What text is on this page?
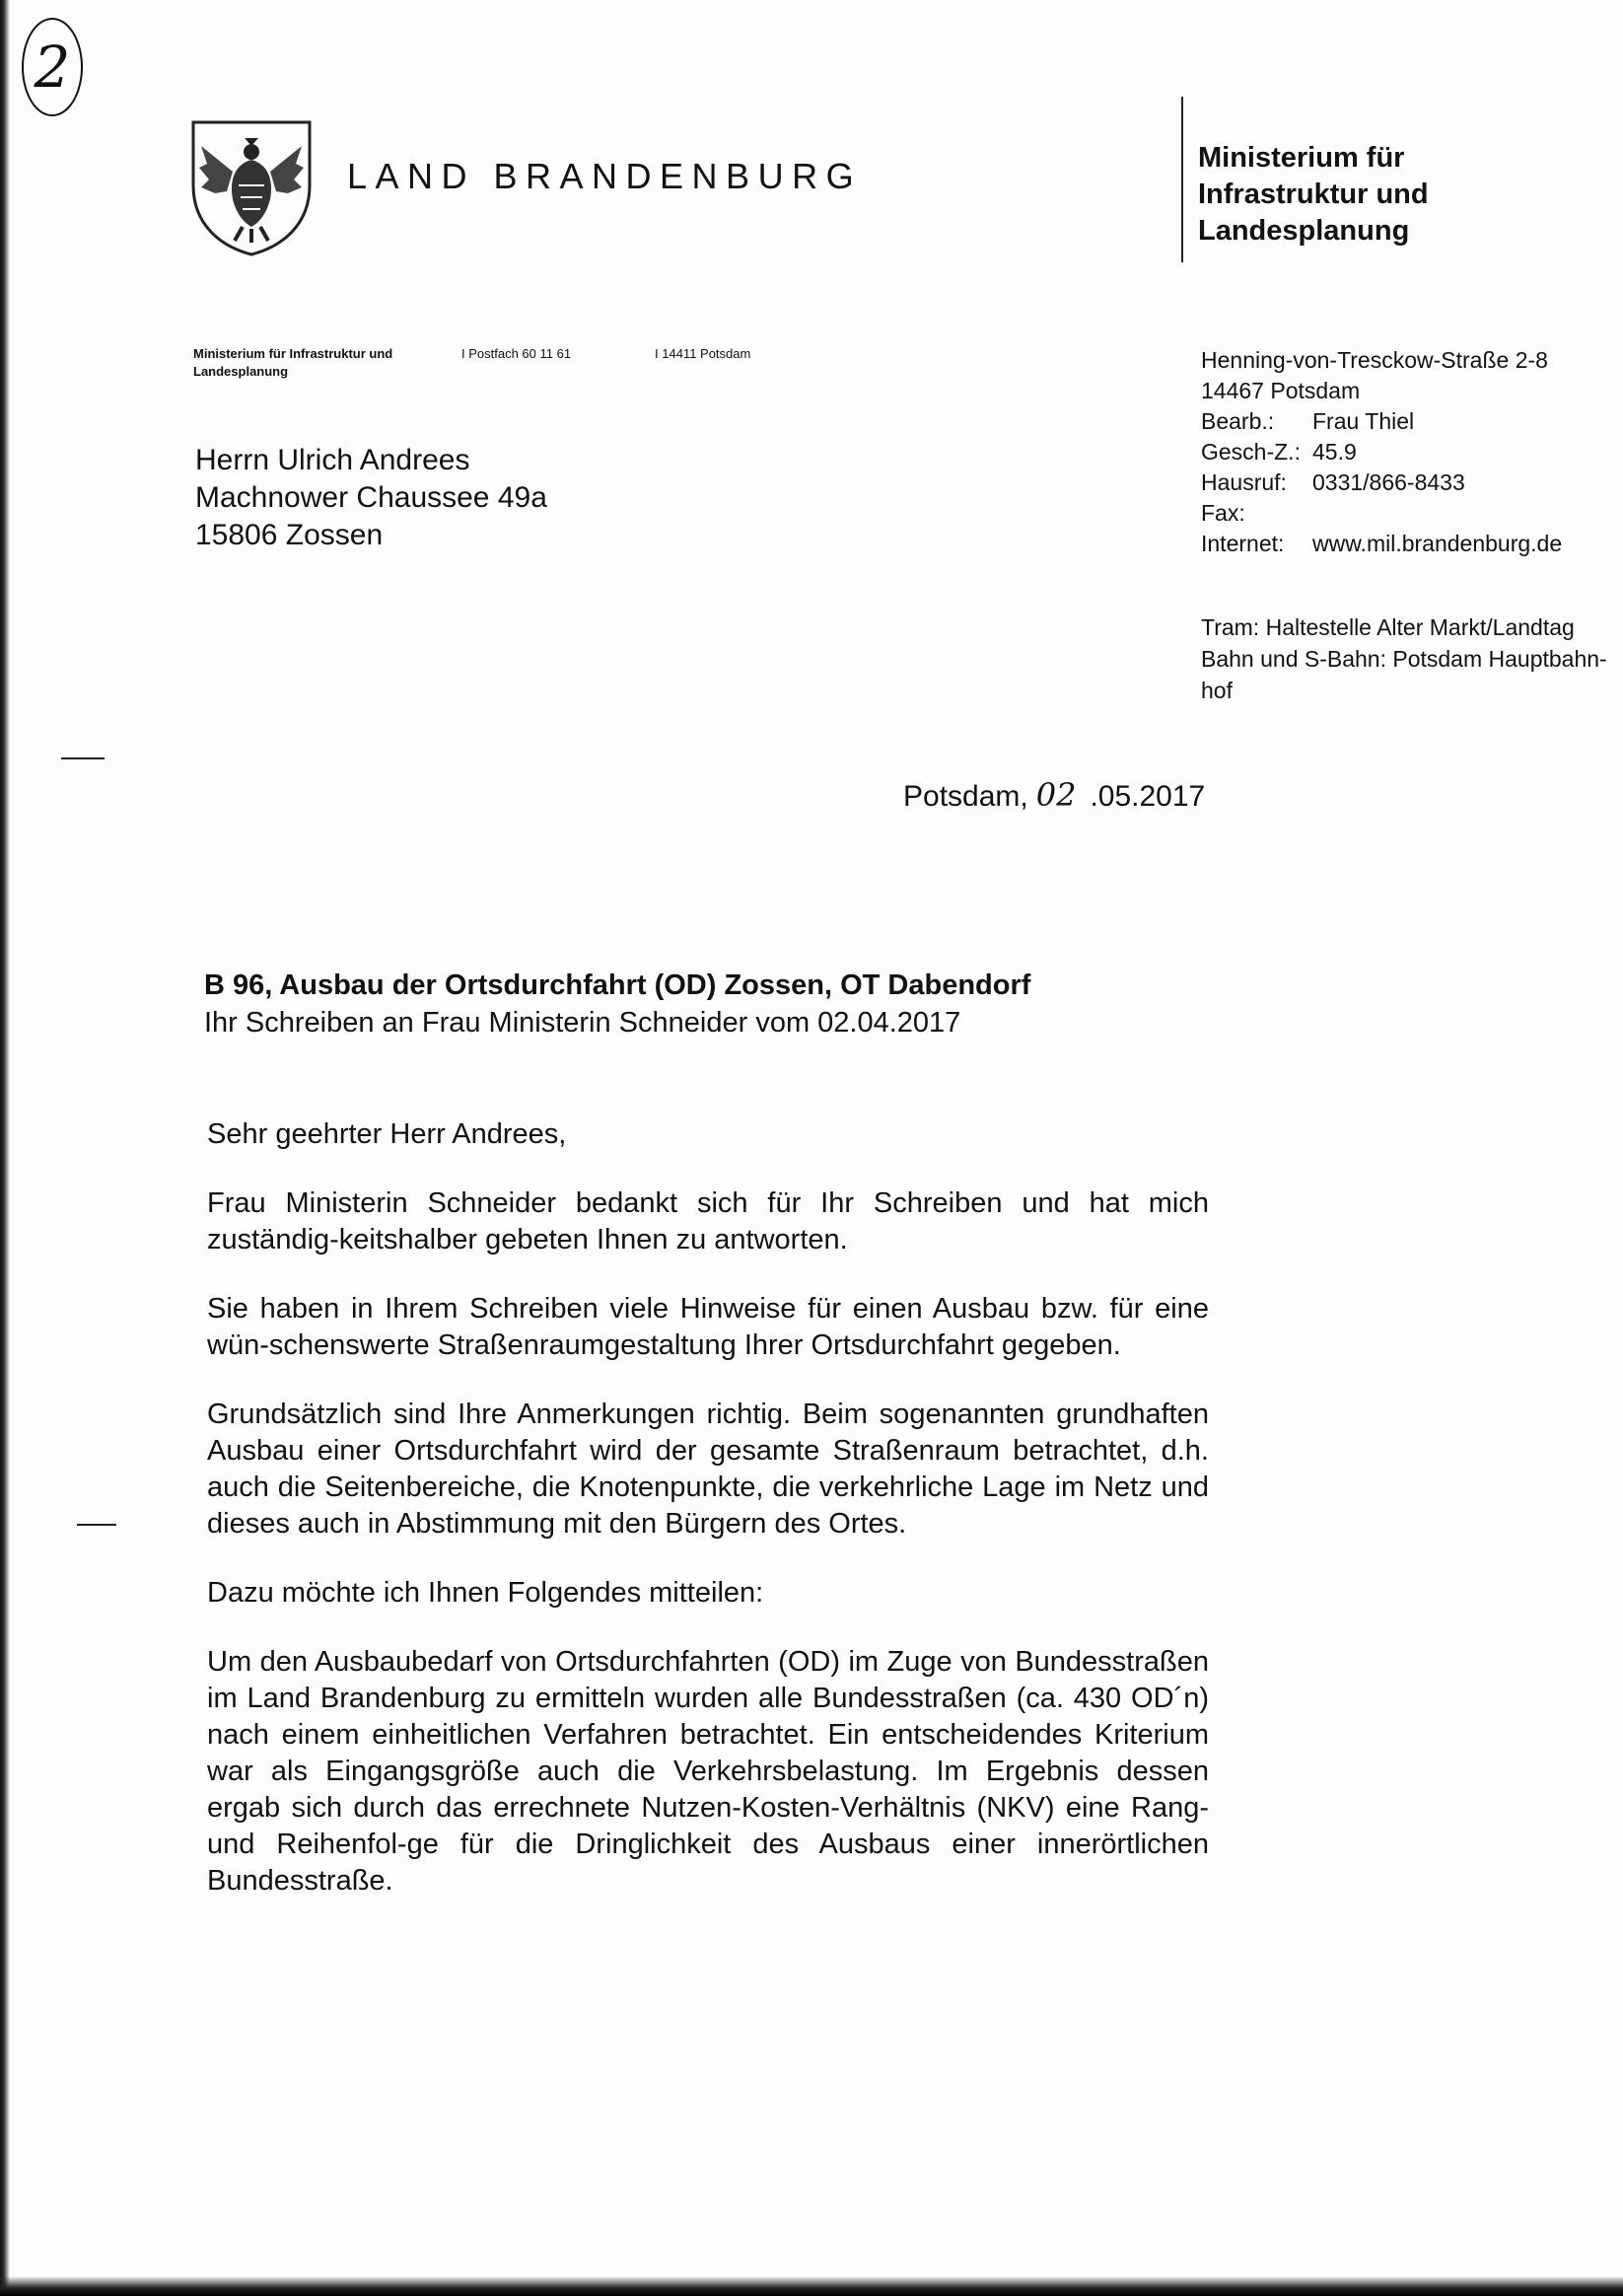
2
LAND BRANDENBURG	Ministerium für
Infrastruktur und
Landesplanung
Ministerium für Infrastruktur und
Landesplanung
I Postfach 60 11 61	I 14411 Potsdam
Herrn Ulrich Andrees
Machnower Chaussee 49a
15806 Zossen
Henning-von-Tresckow-Straße 2-8
14467 Potsdam
Bearb.:	Frau Thiel
Gesch-Z.: 45.9
Hausruf:	0331/866-8433
Fax:
Internet:	www.mil.brandenburg.de
Tram: Haltestelle Alter Markt/Landtag
Bahn und S-Bahn: Potsdam Hauptbahn-
hof
Potsdam, 02 .05.2017
B 96, Ausbau der Ortsdurchfahrt (OD) Zossen, OT Dabendorf
Ihr Schreiben an Frau Ministerin Schneider vom 02.04.2017

Sehr geehrter Herr Andrees,

Frau Ministerin Schneider bedankt sich für Ihr Schreiben und hat mich zuständig-keitshalber gebeten Ihnen zu antworten.

Sie haben in Ihrem Schreiben viele Hinweise für einen Ausbau bzw. für eine wün-schenswerte Straßenraumgestaltung Ihrer Ortsdurchfahrt gegeben.

Grundsätzlich sind Ihre Anmerkungen richtig. Beim sogenannten grundhaften Ausbau einer Ortsdurchfahrt wird der gesamte Straßenraum betrachtet, d.h. auch die Seitenbereiche, die Knotenpunkte, die verkehrliche Lage im Netz und dieses auch in Abstimmung mit den Bürgern des Ortes.

Dazu möchte ich Ihnen Folgendes mitteilen:

Um den Ausbaubedarf von Ortsdurchfahrten (OD) im Zuge von Bundesstraßen im Land Brandenburg zu ermitteln wurden alle Bundesstraßen (ca. 430 OD´n) nach einem einheitlichen Verfahren betrachtet. Ein entscheidendes Kriterium war als Eingangsgröße auch die Verkehrsbelastung. Im Ergebnis dessen ergab sich durch das errechnete Nutzen-Kosten-Verhältnis (NKV) eine Rang-und Reihenfol-ge für die Dringlichkeit des Ausbaus einer innerörtlichen Bundesstraße.
